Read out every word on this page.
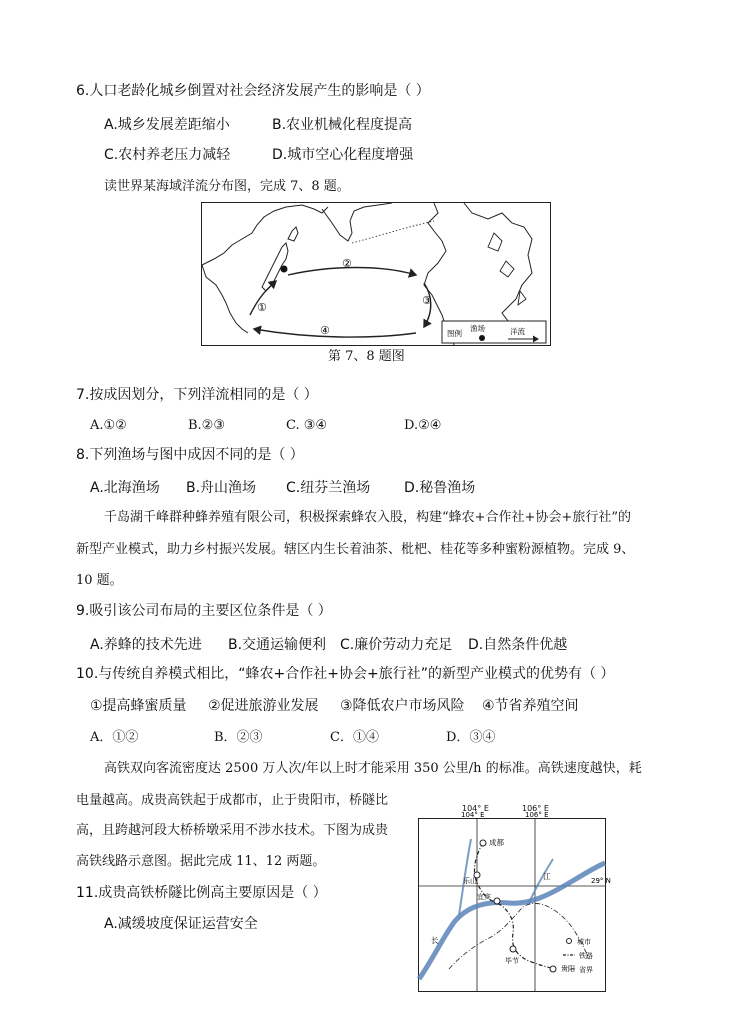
6.人口老龄化城乡倒置对社会经济发展产生的影响是（ ）
A.城乡发展差距缩小	B.农业机械化程度提高
C.农村养老压力减轻	D.城市空心化程度增强
读世界某海域洋流分布图，完成 7、8 题。
①
②
③
④	图例
渔场	洋流
第 7、8 题图
7.按成因划分，下列洋流相同的是（ ）
A.①②	B.②③	C. ③④	D.②④
8.下列渔场与图中成因不同的是（ ）
A.北海渔场 B.舟山渔场 C.纽芬兰渔场 D.秘鲁渔场
千岛湖千峰群种蜂养殖有限公司，积极探索蜂农入股，构建“蜂农+合作社+协会+旅行社”的
新型产业模式，助力乡村振兴发展。辖区内生长着油茶、枇杷、桂花等多种蜜粉源植物。完成 9、
10 题。
9.吸引该公司布局的主要区位条件是（ ）
A.养蜂的技术先进 B.交通运输便利 C.廉价劳动力充足 D.自然条件优越
10.与传统自养模式相比，“蜂农+合作社+协会+旅行社”的新型产业模式的优势有（ ）
①提高蜂蜜质量 ②促进旅游业发展 ③降低农户市场风险 ④节省养殖空间
A．①②	B．②③	C．①④	D．③④
高铁双向客流密度达 2500 万人次/年以上时才能采用 350 公里/h 的标准。高铁速度越快，耗
电量越高。成贵高铁起于成都市，止于贵阳市，桥隧比
高，且跨越河段大桥桥墩采用不涉水技术。下图为成贵
高铁线路示意图。据此完成 11、12 两题。
11.成贵高铁桥隧比例高主要原因是（ ）
A.减缓坡度保证运营安全
104° E	106° E
29° N
成都
乐山
宜宾
毕节
贵阳
江
长	城市
铁路
省界
104° E	106° E
